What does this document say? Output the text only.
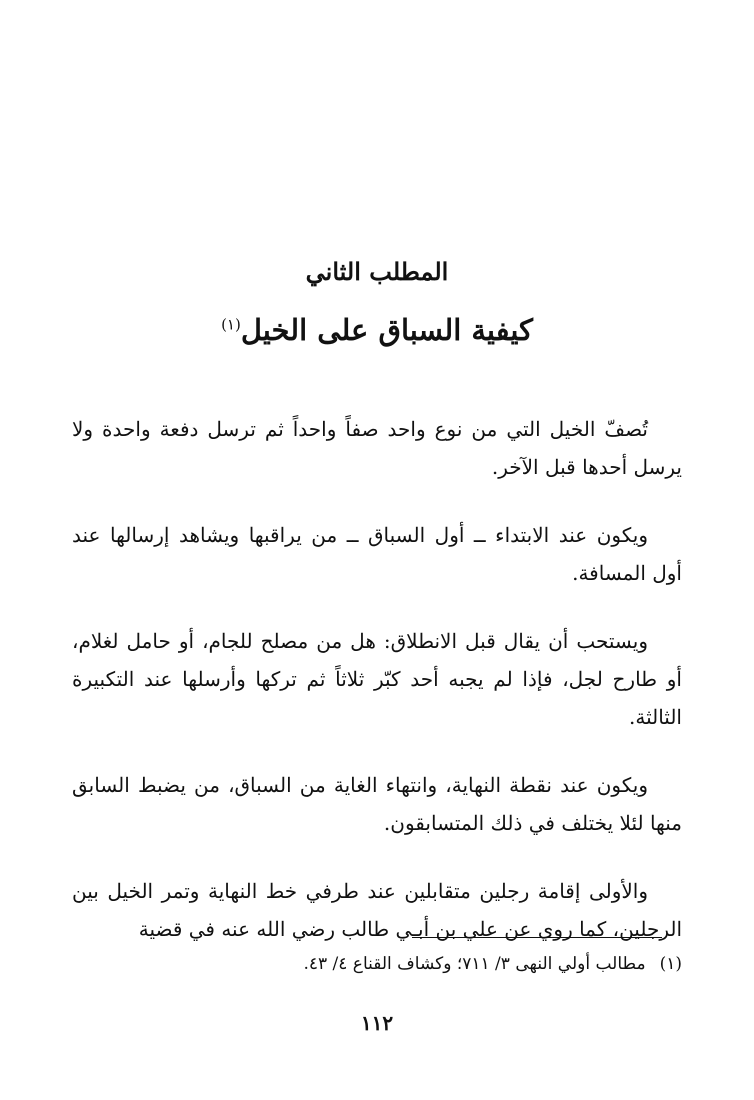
المطلب الثاني
كيفية السباق على الخيل$^{(١)}$

تُصفّ الخيل التي من نوع واحد صفاً واحداً ثم ترسل دفعة واحدة ولا يرسل أحدها قبل الآخر.

ويكون عند الابتداء ــ أول السباق ــ من يراقبها ويشاهد إرسالها عند أول المسافة.

ويستحب أن يقال قبل الانطلاق: هل من مصلح للجام، أو حامل لغلام، أو طارح لجل، فإذا لم يجبه أحد كبّر ثلاثاً ثم تركها وأرسلها عند التكبيرة الثالثة.

ويكون عند نقطة النهاية، وانتهاء الغاية من السباق، من يضبط السابق منها لئلا يختلف في ذلك المتسابقون.

والأولى إقامة رجلين متقابلين عند طرفي خط النهاية وتمر الخيل بين الرجلين، كما روي عن علي بن أبـي طالب رضي الله عنه في قضية

(١)مطالب أولي النهى ٣/ ٧١١؛ وكشاف القناع ٤/ ٤٣.

١١٢
